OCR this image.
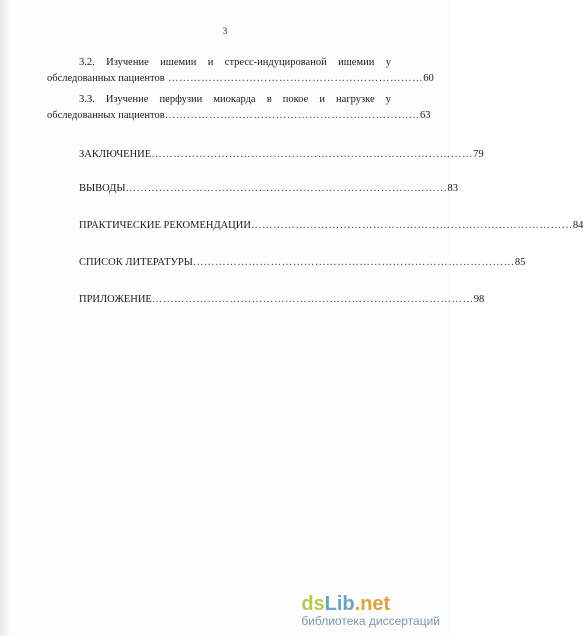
3
3.2. Изучение ишемии и стресс-индуцированой ишемии у
обследованных пациентов …………………………………………………………… 60
3.3. Изучение перфузии миокарда в покое и нагрузке у
обследованных пациентов …………………………………………………………… 63
ЗАКЛЮЧЕНИЕ …………………………………………………………………………… 79
ВЫВОДЫ …………………………………………………………………………… 83
ПРАКТИЧЕСКИЕ РЕКОМЕНДАЦИИ …………………………………………………………………………… 84
СПИСОК ЛИТЕРАТУРЫ …………………………………………………………………………… 85
ПРИЛОЖЕНИЕ …………………………………………………………………………… 98
dsLib.net
библиотека диссертаций
